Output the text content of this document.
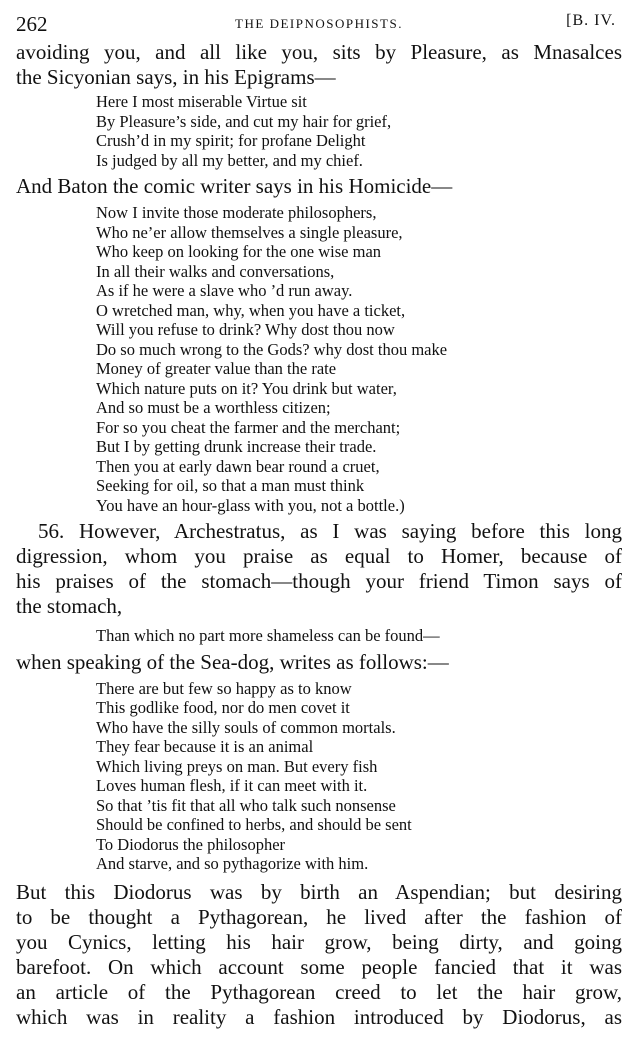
262	THE DEIPNOSOPHISTS.	[B. IV.
avoiding you, and all like you, sits by Pleasure, as Mnasalces
the Sicyonian says, in his Epigrams—
Here I most miserable Virtue sit
By Pleasure’s side, and cut my hair for grief,
Crush’d in my spirit; for profane Delight
Is judged by all my better, and my chief.
And Baton the comic writer says in his Homicide—
Now I invite those moderate philosophers,
Who ne’er allow themselves a single pleasure,
Who keep on looking for the one wise man
In all their walks and conversations,
As if he were a slave who ’d run away.
O wretched man, why, when you have a ticket,
Will you refuse to drink? Why dost thou now
Do so much wrong to the Gods? why dost thou make
Money of greater value than the rate
Which nature puts on it? You drink but water,
And so must be a worthless citizen;
For so you cheat the farmer and the merchant;
But I by getting drunk increase their trade.
Then you at early dawn bear round a cruet,
Seeking for oil, so that a man must think
You have an hour-glass with you, not a bottle.)
56. However, Archestratus, as I was saying before this long
digression, whom you praise as equal to Homer, because of
his praises of the stomach—though your friend Timon says of
the stomach,
Than which no part more shameless can be found—
when speaking of the Sea-dog, writes as follows:—
There are but few so happy as to know
This godlike food, nor do men covet it
Who have the silly souls of common mortals.
They fear because it is an animal
Which living preys on man. But every fish
Loves human flesh, if it can meet with it.
So that ’tis fit that all who talk such nonsense
Should be confined to herbs, and should be sent
To Diodorus the philosopher
And starve, and so pythagorize with him.
But this Diodorus was by birth an Aspendian; but desiring
to be thought a Pythagorean, he lived after the fashion of
you Cynics, letting his hair grow, being dirty, and going
barefoot. On which account some people fancied that it was
an article of the Pythagorean creed to let the hair grow,
which was in reality a fashion introduced by Diodorus, as
